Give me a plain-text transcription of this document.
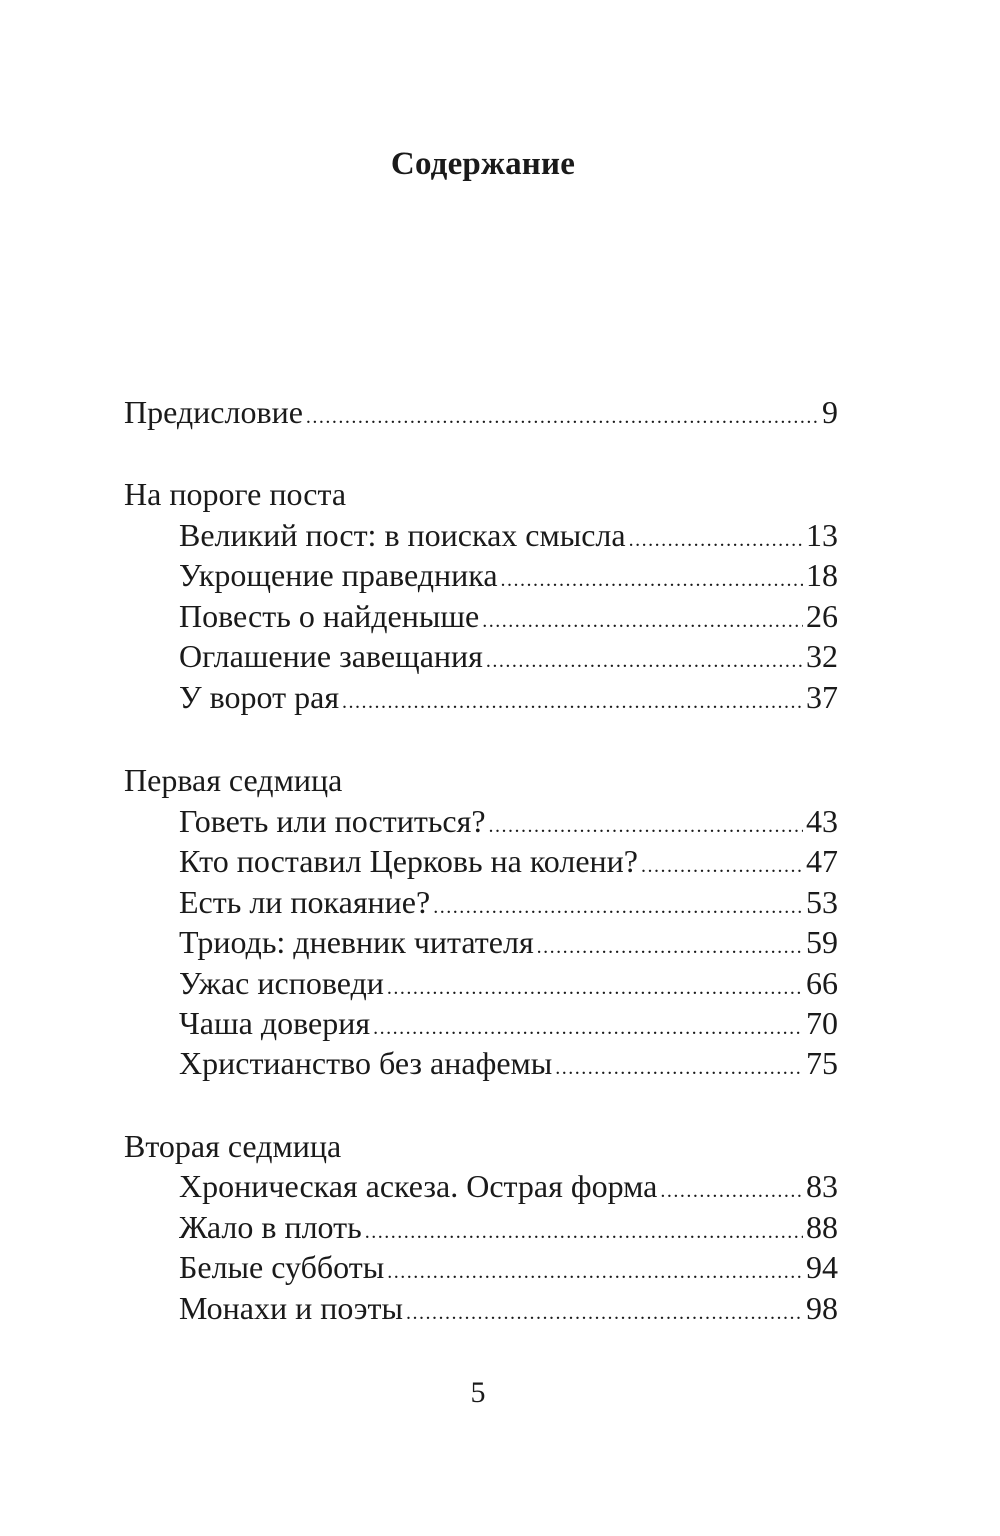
Содержание
Предисловие .....	9
На пороге поста
Великий пост: в поисках смысла .....	13
Укрощение праведника .....	18
Повесть о найденыше .....	26
Оглашение завещания .....	32
У ворот рая .....	37
Первая седмица
Говеть или поститься? .....	43
Кто поставил Церковь на колени? .....	47
Есть ли покаяние? .....	53
Триодь: дневник читателя .....	59
Ужас исповеди .....	66
Чаша доверия .....	70
Христианство без анафемы .....	75
Вторая седмица
Хроническая аскеза. Острая форма .....	83
Жало в плоть .....	88
Белые субботы .....	94
Монахи и поэты .....	98
5
